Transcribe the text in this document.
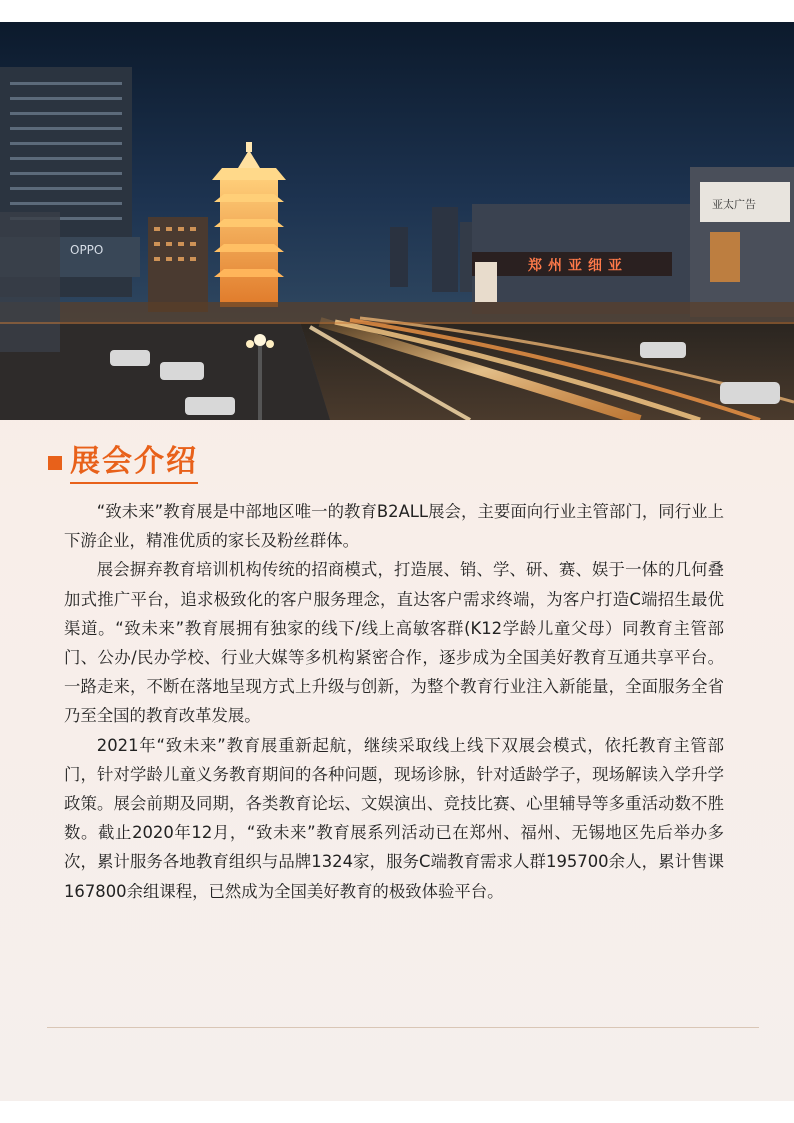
OPPO
郑州亚细亚
亚太广告
展会介绍

“致未来”教育展是中部地区唯一的教育B2ALL展会，主要面向行业主管部门，同行业上下游企业，精准优质的家长及粉丝群体。

展会摒弃教育培训机构传统的招商模式，打造展、销、学、研、赛、娱于一体的几何叠加式推广平台，追求极致化的客户服务理念，直达客户需求终端，为客户打造C端招生最优渠道。“致未来”教育展拥有独家的线下/线上高敏客群(K12学龄儿童父母）同教育主管部门、公办/民办学校、行业大媒等多机构紧密合作，逐步成为全国美好教育互通共享平台。一路走来，不断在落地呈现方式上升级与创新，为整个教育行业注入新能量，全面服务全省乃至全国的教育改革发展。

2021年“致未来”教育展重新起航，继续采取线上线下双展会模式，依托教育主管部门，针对学龄儿童义务教育期间的各种问题，现场诊脉，针对适龄学子，现场解读入学升学政策。展会前期及同期，各类教育论坛、文娱演出、竞技比赛、心里辅导等多重活动数不胜数。截止2020年12月，“致未来”教育展系列活动已在郑州、福州、无锡地区先后举办多次，累计服务各地教育组织与品牌1324家，服务C端教育需求人群195700余人，累计售课167800余组课程，已然成为全国美好教育的极致体验平台。
